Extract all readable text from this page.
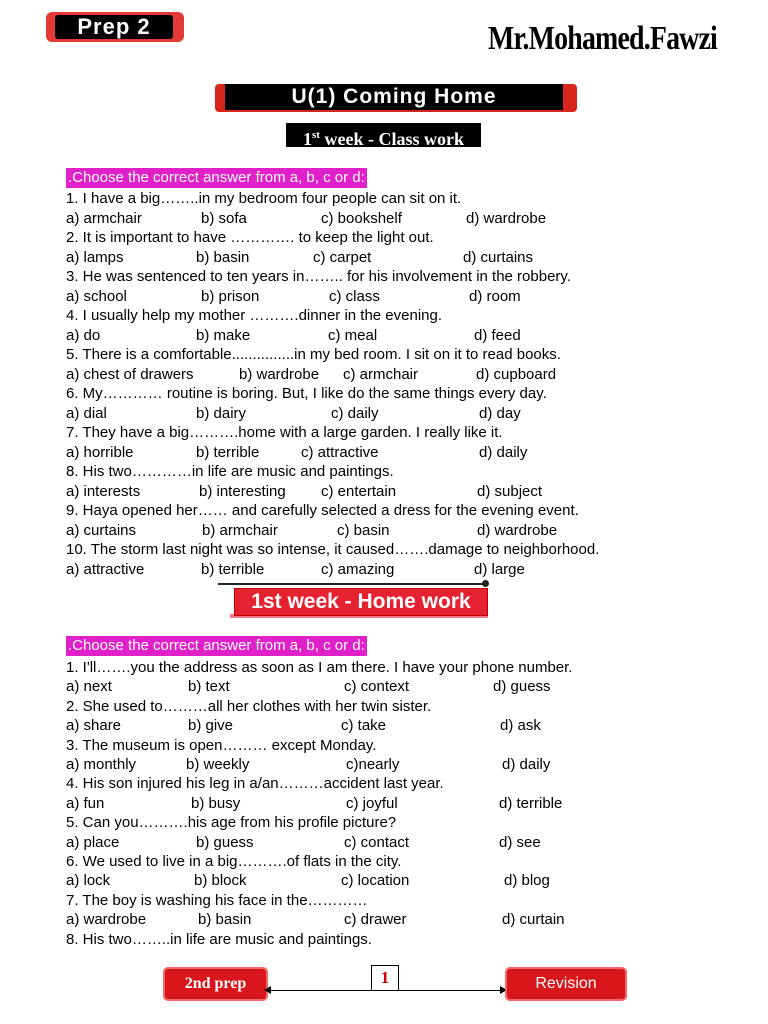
Prep 2	Mr.Mohamed.Fawzi
U(1) Coming Home
1st week - Class work
.Choose the correct answer from a, b, c or d:
1. I have a big……..in my bedroom four people can sit on it.
a) armchair	b) sofa	c) bookshelf	d) wardrobe
2. It is important to have …………. to keep the light out.
a) lamps	b) basin	c) carpet	d) curtains
3. He was sentenced to ten years in…….. for his involvement in the robbery.
a) school	b) prison	c) class	d) room
4. I usually help my mother ……….dinner in the evening.
a) do	b) make	c) meal	d) feed
5. There is a comfortable...............in my bed room. I sit on it to read books.
a) chest of drawers	b) wardrobe c) armchair	d) cupboard
6. My………… routine is boring. But, I like do the same things every day.
a) dial	b) dairy	c) daily	d) day
7. They have a big……….home with a large garden. I really like it.
a) horrible	b) terrible	c) attractive	d) daily
8. His two…………in life are music and paintings.
a) interests	b) interesting c) entertain	d) subject
9. Haya opened her…… and carefully selected a dress for the evening event.
a) curtains	b) armchair	c) basin	d) wardrobe
10. The storm last night was so intense, it caused…….damage to neighborhood.
a) attractive	b) terrible	c) amazing	d) large
1st week - Home work
.Choose the correct answer from a, b, c or d:
1. I'll…….you the address as soon as I am there. I have your phone number.
a) next	b) text	c) context	d) guess
2. She used to………all her clothes with her twin sister.
a) share	b) give	c) take	d) ask
3. The museum is open……… except Monday.
a) monthly	b) weekly	c)nearly	d) daily
4. His son injured his leg in a/an………accident last year.
a) fun	b) busy	c) joyful	d) terrible
5. Can you……….his age from his profile picture?
a) place	b) guess	c) contact	d) see
6. We used to live in a big……….of flats in the city.
a) lock	b) block	c) location	d) blog
7. The boy is washing his face in the…………
a) wardrobe	b) basin	c) drawer	d) curtain
8. His two……..in life are music and paintings.
2nd prep	1	Revision
